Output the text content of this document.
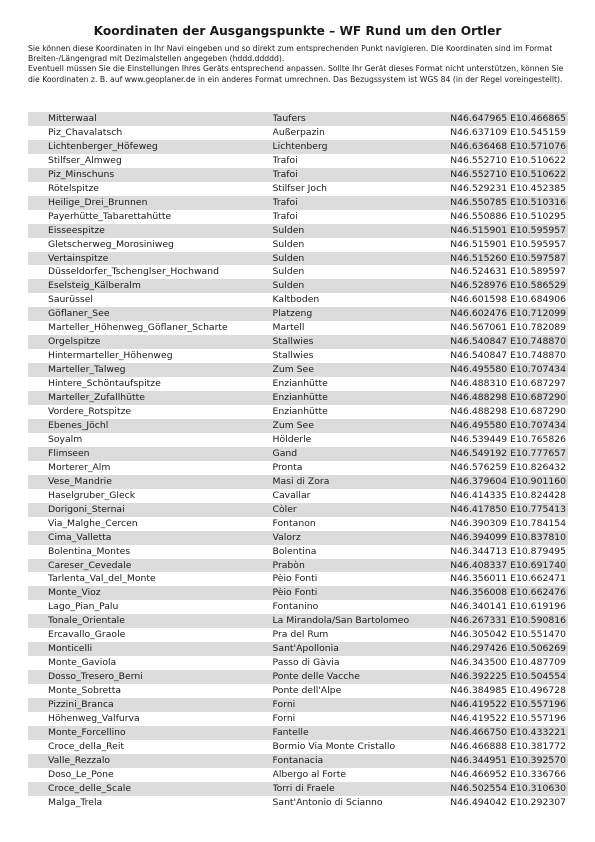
Koordinaten der Ausgangspunkte – WF Rund um den Ortler

Sie können diese Koordinaten in Ihr Navi eingeben und so direkt zum entsprechenden Punkt navigieren. Die Koordinaten sind im Format Breiten-/Längengrad mit Dezimalstellen angegeben (hddd.ddddd).

Eventuell müssen Sie die Einstellungen Ihres Geräts entsprechend anpassen. Sollte Ihr Gerät dieses Format nicht unterstützen, können Sie die Koordinaten z. B. auf www.geoplaner.de in ein anderes Format umrechnen. Das Bezugssystem ist WGS 84 (in der Regel voreingestellt).

Mitterwaal	Taufers	N46.647965 E10.466865
Piz_Chavalatsch	Außerpazin	N46.637109 E10.545159
Lichtenberger_Höfeweg	Lichtenberg	N46.636468 E10.571076
Stilfser_Almweg	Trafoi	N46.552710 E10.510622
Piz_Minschuns	Trafoi	N46.552710 E10.510622
Rötelspitze	Stilfser Joch	N46.529231 E10.452385
Heilige_Drei_Brunnen	Trafoi	N46.550785 E10.510316
Payerhütte_Tabarettahütte	Trafoi	N46.550886 E10.510295
Eisseespitze	Sulden	N46.515901 E10.595957
Gletscherweg_Morosiniweg	Sulden	N46.515901 E10.595957
Vertainspitze	Sulden	N46.515260 E10.597587
Düsseldorfer_Tschenglser_Hochwand	Sulden	N46.524631 E10.589597
Eselsteig_Kälberalm	Sulden	N46.528976 E10.586529
Saurüssel	Kaltboden	N46.601598 E10.684906
Göflaner_See	Platzeng	N46.602476 E10.712099
Marteller_Höhenweg_Göflaner_Scharte	Martell	N46.567061 E10.782089
Orgelspitze	Stallwies	N46.540847 E10.748870
Hintermarteller_Höhenweg	Stallwies	N46.540847 E10.748870
Marteller_Talweg	Zum See	N46.495580 E10.707434
Hintere_Schöntaufspitze	Enzianhütte	N46.488310 E10.687297
Marteller_Zufallhütte	Enzianhütte	N46.488298 E10.687290
Vordere_Rotspitze	Enzianhütte	N46.488298 E10.687290
Ebenes_Jöchl	Zum See	N46.495580 E10.707434
Soyalm	Hölderle	N46.539449 E10.765826
Flimseen	Gand	N46.549192 E10.777657
Morterer_Alm	Pronta	N46.576259 E10.826432
Vese_Mandrie	Masi di Zora	N46.379604 E10.901160
Haselgruber_Gleck	Cavallar	N46.414335 E10.824428
Dorigoni_Sternai	Còler	N46.417850 E10.775413
Via_Malghe_Cercen	Fontanon	N46.390309 E10.784154
Cima_Valletta	Valorz	N46.394099 E10.837810
Bolentina_Montes	Bolentina	N46.344713 E10.879495
Careser_Cevedale	Prabòn	N46.408337 E10.691740
Tarlenta_Val_del_Monte	Pèio Fonti	N46.356011 E10.662471
Monte_Vioz	Pèio Fonti	N46.356008 E10.662476
Lago_Pian_Palu	Fontanino	N46.340141 E10.619196
Tonale_Orientale	La Mirandola/San Bartolomeo	N46.267331 E10.590816
Ercavallo_Graole	Pra del Rum	N46.305042 E10.551470
Monticelli	Sant'Apollonia	N46.297426 E10.506269
Monte_Gaviola	Passo di Gàvia	N46.343500 E10.487709
Dosso_Tresero_Berni	Ponte delle Vacche	N46.392225 E10.504554
Monte_Sobretta	Ponte dell'Alpe	N46.384985 E10.496728
Pizzini_Branca	Forni	N46.419522 E10.557196
Höhenweg_Valfurva	Forni	N46.419522 E10.557196
Monte_Forcellino	Fantelle	N46.466750 E10.433221
Croce_della_Reit	Bormio Via Monte Cristallo	N46.466888 E10.381772
Valle_Rezzalo	Fontanacia	N46.344951 E10.392570
Doso_Le_Pone	Albergo al Forte	N46.466952 E10.336766
Croce_delle_Scale	Torri di Fraele	N46.502554 E10.310630
Malga_Trela	Sant'Antonio di Scianno	N46.494042 E10.292307
